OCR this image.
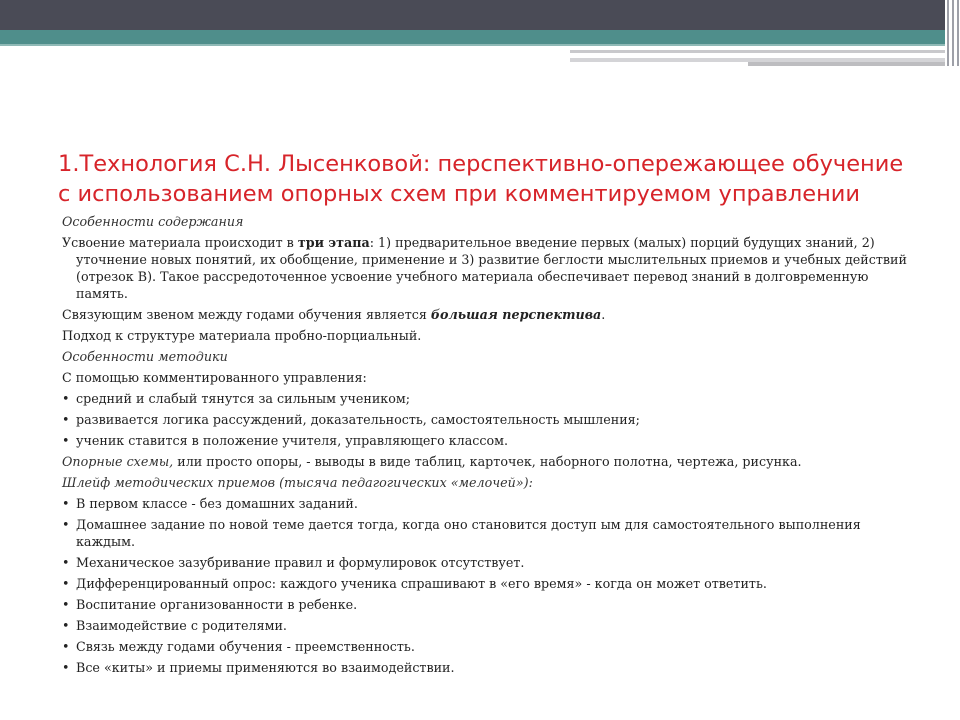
1.Технология С.Н. Лысенковой: перспективно-опережающее обучение с использованием опорных схем при комментируемом управлении

Особенности содержания

Усвоение материала происходит в три этапа: 1) предварительное введение первых (малых) порций будущих знаний, 2) уточнение новых понятий, их обобщение, применение и 3) развитие беглости мыслительных приемов и учебных действий (отрезок В). Такое рассредоточенное усвоение учебного материала обеспечивает перевод знаний в долговременную память.

Связующим звеном между годами обучения является большая перспектива.

Подход к структуре материала пробно-порциальный.

Особенности методики

С помощью комментированного управления:

• средний и слабый тянутся за сильным учеником;

• развивается логика рассуждений, доказательность, самостоятельность мышления;

• ученик ставится в положение учителя, управляющего классом.

Опорные схемы, или просто опоры, - выводы в виде таблиц, карточек, наборного полотна, чертежа, рисунка.

Шлейф методических приемов (тысяча педагогических «мелочей»):

• В первом классе - без домашних заданий.

• Домашнее задание по новой теме дается тогда, когда оно становится доступ ым для самостоятельного выполнения каждым.

• Механическое зазубривание правил и формулировок отсутствует.

• Дифференцированный опрос: каждого ученика спрашивают в «его время» - когда он может ответить.

• Воспитание организованности в ребенке.

• Взаимодействие с родителями.

• Связь между годами обучения - преемственность.

• Все «киты» и приемы применяются во взаимодействии.
